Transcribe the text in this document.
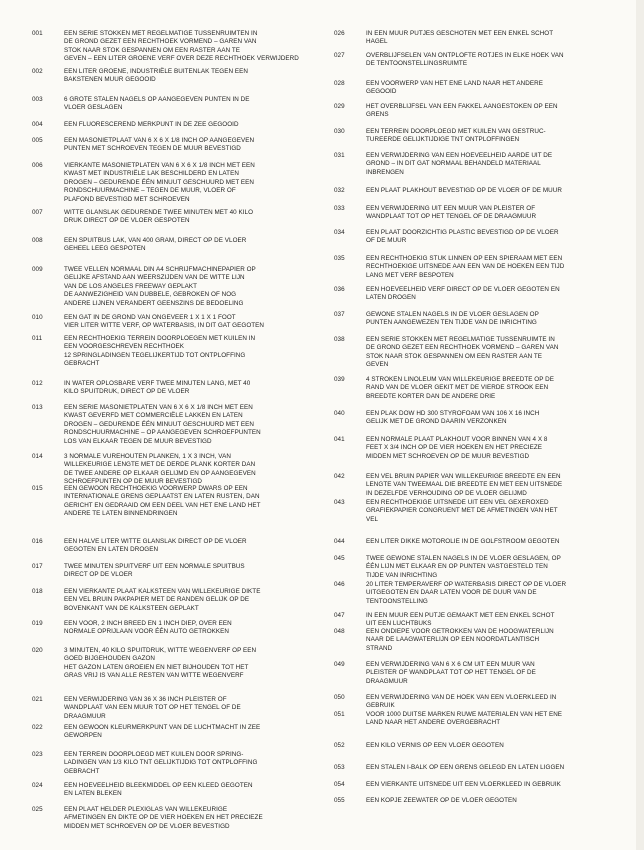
001	EEN SERIE STOKKEN MET REGELMATIGE TUSSENRUIMTEN IN
DE GROND GEZET EEN RECHTHOEK VORMEND – GAREN VAN
STOK NAAR STOK GESPANNEN OM EEN RASTER AAN TE
GEVEN – EEN LITER GROENE VERF OVER DEZE RECHTHOEK VERWIJDERD
002	EEN LITER GROENE, INDUSTRIËLE BUITENLAK TEGEN EEN
BAKSTENEN MUUR GEGOOID
003	6 GROTE STALEN NAGELS OP AANGEGEVEN PUNTEN IN DE
VLOER GESLAGEN
004	EEN FLUORESCEREND MERKPUNT IN DE ZEE GEGOOID
005	EEN MASONIETPLAAT VAN 6 X 6 X 1/8 INCH OP AANGEGEVEN
PUNTEN MET SCHROEVEN TEGEN DE MUUR BEVESTIGD
006	VIERKANTE MASONIETPLATEN VAN 6 X 6 X 1/8 INCH MET EEN
KWAST MET INDUSTRIËLE LAK BESCHILDERD EN LATEN
DROGEN – GEDURENDE ÉÉN MINUUT GESCHUURD MET EEN
RONDSCHUURMACHINE – TEGEN DE MUUR, VLOER OF
PLAFOND BEVESTIGD MET SCHROEVEN
007	WITTE GLANSLAK GEDURENDE TWEE MINUTEN MET 40 KILO
DRUK DIRECT OP DE VLOER GESPOTEN
008	EEN SPUITBUS LAK, VAN 400 GRAM, DIRECT OP DE VLOER
GEHEEL LEEG GESPOTEN
009	TWEE VELLEN NORMAAL DIN A4 SCHRIJFMACHINEPAPIER OP
GELIJKE AFSTAND AAN WEERSZIJDEN VAN DE WITTE LIJN
VAN DE LOS ANGELES FREEWAY GEPLAKT
DE AANWEZIGHEID VAN DUBBELE, GEBROKEN OF NOG
ANDERE LIJNEN VERANDERT GEENSZINS DE BEDOELING
010	EEN GAT IN DE GROND VAN ONGEVEER 1 X 1 X 1 FOOT
VIER LITER WITTE VERF, OP WATERBASIS, IN DIT GAT GEGOTEN
011	EEN RECHTHOEKIG TERREIN DOORPLOEGEN MET KUILEN IN
EEN VOORGESCHREVEN RECHTHOEK
12 SPRINGLADINGEN TEGELIJKERTIJD TOT ONTPLOFFING
GEBRACHT
012	IN WATER OPLOSBARE VERF TWEE MINUTEN LANG, MET 40
KILO SPUITDRUK, DIRECT OP DE VLOER
013	EEN SERIE MASONIETPLATEN VAN 6 X 6 X 1/8 INCH MET EEN
KWAST GEVERFD MET COMMERCIËLE LAKKEN EN LATEN
DROGEN – GEDURENDE ÉÉN MINUUT GESCHUURD MET EEN
RONDSCHUURMACHINE – OP AANGEGEVEN SCHROEFPUNTEN
LOS VAN ELKAAR TEGEN DE MUUR BEVESTIGD
014	3 NORMALE VUREHOUTEN PLANKEN, 1 X 3 INCH, VAN
WILLEKEURIGE LENGTE MET DE DERDE PLANK KORTER DAN
DE TWEE ANDERE OP ELKAAR GELIJMD EN OP AANGEGEVEN
SCHROEFPUNTEN OP DE MUUR BEVESTIGD
015	EEN GEWOON RECHTHOEKIG VOORWERP DWARS OP EEN
INTERNATIONALE GRENS GEPLAATST EN LATEN RUSTEN, DAN
GERICHT EN GEDRAAID OM EEN DEEL VAN HET ENE LAND HET
ANDERE TE LATEN BINNENDRINGEN
016	EEN HALVE LITER WITTE GLANSLAK DIRECT OP DE VLOER
GEGOTEN EN LATEN DROGEN
017	TWEE MINUTEN SPUITVERF UIT EEN NORMALE SPUITBUS
DIRECT OP DE VLOER
018	EEN VIERKANTE PLAAT KALKSTEEN VAN WILLEKEURIGE DIKTE
EEN VEL BRUIN PAKPAPIER MET DE RANDEN GELIJK OP DE
BOVENKANT VAN DE KALKSTEEN GEPLAKT
019	EEN VOOR, 2 INCH BREED EN 1 INCH DIEP, OVER EEN
NORMALE OPRIJLAAN VOOR ÉÉN AUTO GETROKKEN
020	3 MINUTEN, 40 KILO SPUITDRUK, WITTE WEGENVERF OP EEN
GOED BIJGEHOUDEN GAZON
HET GAZON LATEN GROEIEN EN NIET BIJHOUDEN TOT HET
GRAS VRIJ IS VAN ALLE RESTEN VAN WITTE WEGENVERF
021	EEN VERWIJDERING VAN 36 X 36 INCH PLEISTER OF
WANDPLAAT VAN EEN MUUR TOT OP HET TENGEL OF DE
DRAAGMUUR
022	EEN GEWOON KLEURMERKPUNT VAN DE LUCHTMACHT IN ZEE
GEWORPEN
023	EEN TERREIN DOORPLOEGD MET KUILEN DOOR SPRING-
LADINGEN VAN 1/3 KILO TNT GELIJKTIJDIG TOT ONTPLOFFING
GEBRACHT
024	EEN HOEVEELHEID BLEEKMIDDEL OP EEN KLEED GEGOTEN
EN LATEN BLEKEN
025	EEN PLAAT HELDER PLEXIGLAS VAN WILLEKEURIGE
AFMETINGEN EN DIKTE OP DE VIER HOEKEN EN HET PRECIEZE
MIDDEN MET SCHROEVEN OP DE VLOER BEVESTIGD
026	IN EEN MUUR PUTJES GESCHOTEN MET EEN ENKEL SCHOT
HAGEL
027	OVERBLIJFSELEN VAN ONTPLOFTE ROTJES IN ELKE HOEK VAN
DE TENTOONSTELLINGSRUIMTE
028	EEN VOORWERP VAN HET ENE LAND NAAR HET ANDERE
GEGOOID
029	HET OVERBLIJFSEL VAN EEN FAKKEL AANGESTOKEN OP EEN
GRENS
030	EEN TERREIN DOORPLOEGD MET KUILEN VAN GESTRUC-
TUREERDE GELIJKTIJDIGE TNT ONTPLOFFINGEN
031	EEN VERWIJDERING VAN EEN HOEVEELHEID AARDE UIT DE
GROND – IN DIT GAT NORMAAL BEHANDELD MATERIAAL
INBRENGEN
032	EEN PLAAT PLAKHOUT BEVESTIGD OP DE VLOER OF DE MUUR
033	EEN VERWIJDERING UIT EEN MUUR VAN PLEISTER OF
WANDPLAAT TOT OP HET TENGEL OF DE DRAAGMUUR
034	EEN PLAAT DOORZICHTIG PLASTIC BEVESTIGD OP DE VLOER
OF DE MUUR
035	EEN RECHTHOEKIG STUK LINNEN OP EEN SPIERAAM MET EEN
RECHTHOEKIGE UITSNEDE AAN EEN VAN DE HOEKEN EEN TIJD
LANG MET VERF BESPOTEN
036	EEN HOEVEELHEID VERF DIRECT OP DE VLOER GEGOTEN EN
LATEN DROGEN
037	GEWONE STALEN NAGELS IN DE VLOER GESLAGEN OP
PUNTEN AANGEWEZEN TEN TIJDE VAN DE INRICHTING
038	EEN SERIE STOKKEN MET REGELMATIGE TUSSENRUIMTE IN
DE GROND GEZET EEN RECHTHOEK VORMEND – GAREN VAN
STOK NAAR STOK GESPANNEN OM EEN RASTER AAN TE
GEVEN
039	4 STROKEN LINOLEUM VAN WILLEKEURIGE BREEDTE OP DE
RAND VAN DE VLOER GEKIT MET DE VIERDE STROOK EEN
BREEDTE KORTER DAN DE ANDERE DRIE
040	EEN PLAK DOW HD 300 STYROFOAM VAN 106 X 16 INCH
GELIJK MET DE GROND DAARIN VERZONKEN
041	EEN NORMALE PLAAT PLAKHOUT VOOR BINNEN VAN 4 X 8
FEET X 3/4 INCH OP DE VIER HOEKEN EN HET PRECIEZE
MIDDEN MET SCHROEVEN OP DE MUUR BEVESTIGD
042	EEN VEL BRUIN PAPIER VAN WILLEKEURIGE BREEDTE EN EEN
LENGTE VAN TWEEMAAL DIE BREEDTE EN MET EEN UITSNEDE
IN DEZELFDE VERHOUDING OP DE VLOER GELIJMD
043	EEN RECHTHOEKIGE UITSNEDE UIT EEN VEL GEXEROXED
GRAFIEKPAPIER CONGRUENT MET DE AFMETINGEN VAN HET
VEL
044	EEN LITER DIKKE MOTOROLIE IN DE GOLFSTROOM GEGOTEN
045	TWEE GEWONE STALEN NAGELS IN DE VLOER GESLAGEN, OP
ÉÉN LIJN MET ELKAAR EN OP PUNTEN VASTGESTELD TEN
TIJDE VAN INRICHTING
046	20 LITER TEMPERAVERF OP WATERBASIS DIRECT OP DE VLOER
UITGEGOTEN EN DAAR LATEN VOOR DE DUUR VAN DE
TENTOONSTELLING
047	IN EEN MUUR EEN PUTJE GEMAAKT MET EEN ENKEL SCHOT
UIT EEN LUCHTBUKS
048	EEN ONDIEPE VOOR GETROKKEN VAN DE HOOGWATERLIJN
NAAR DE LAAGWATERLIJN OP EEN NOORDATLANTISCH
STRAND
049	EEN VERWIJDERING VAN 6 X 6 CM UIT EEN MUUR VAN
PLEISTER OF WANDPLAAT TOT OP HET TENGEL OF DE
DRAAGMUUR
050	EEN VERWIJDERING VAN DE HOEK VAN EEN VLOERKLEED IN
GEBRUIK
051	VOOR 1000 DUITSE MARKEN RUWE MATERIALEN VAN HET ENE
LAND NAAR HET ANDERE OVERGEBRACHT
052	EEN KILO VERNIS OP EEN VLOER GEGOTEN
053	EEN STALEN I-BALK OP EEN GRENS GELEGD EN LATEN LIGGEN
054	EEN VIERKANTE UITSNEDE UIT EEN VLOERKLEED IN GEBRUIK
055	EEN KOPJE ZEEWATER OP DE VLOER GEGOTEN
